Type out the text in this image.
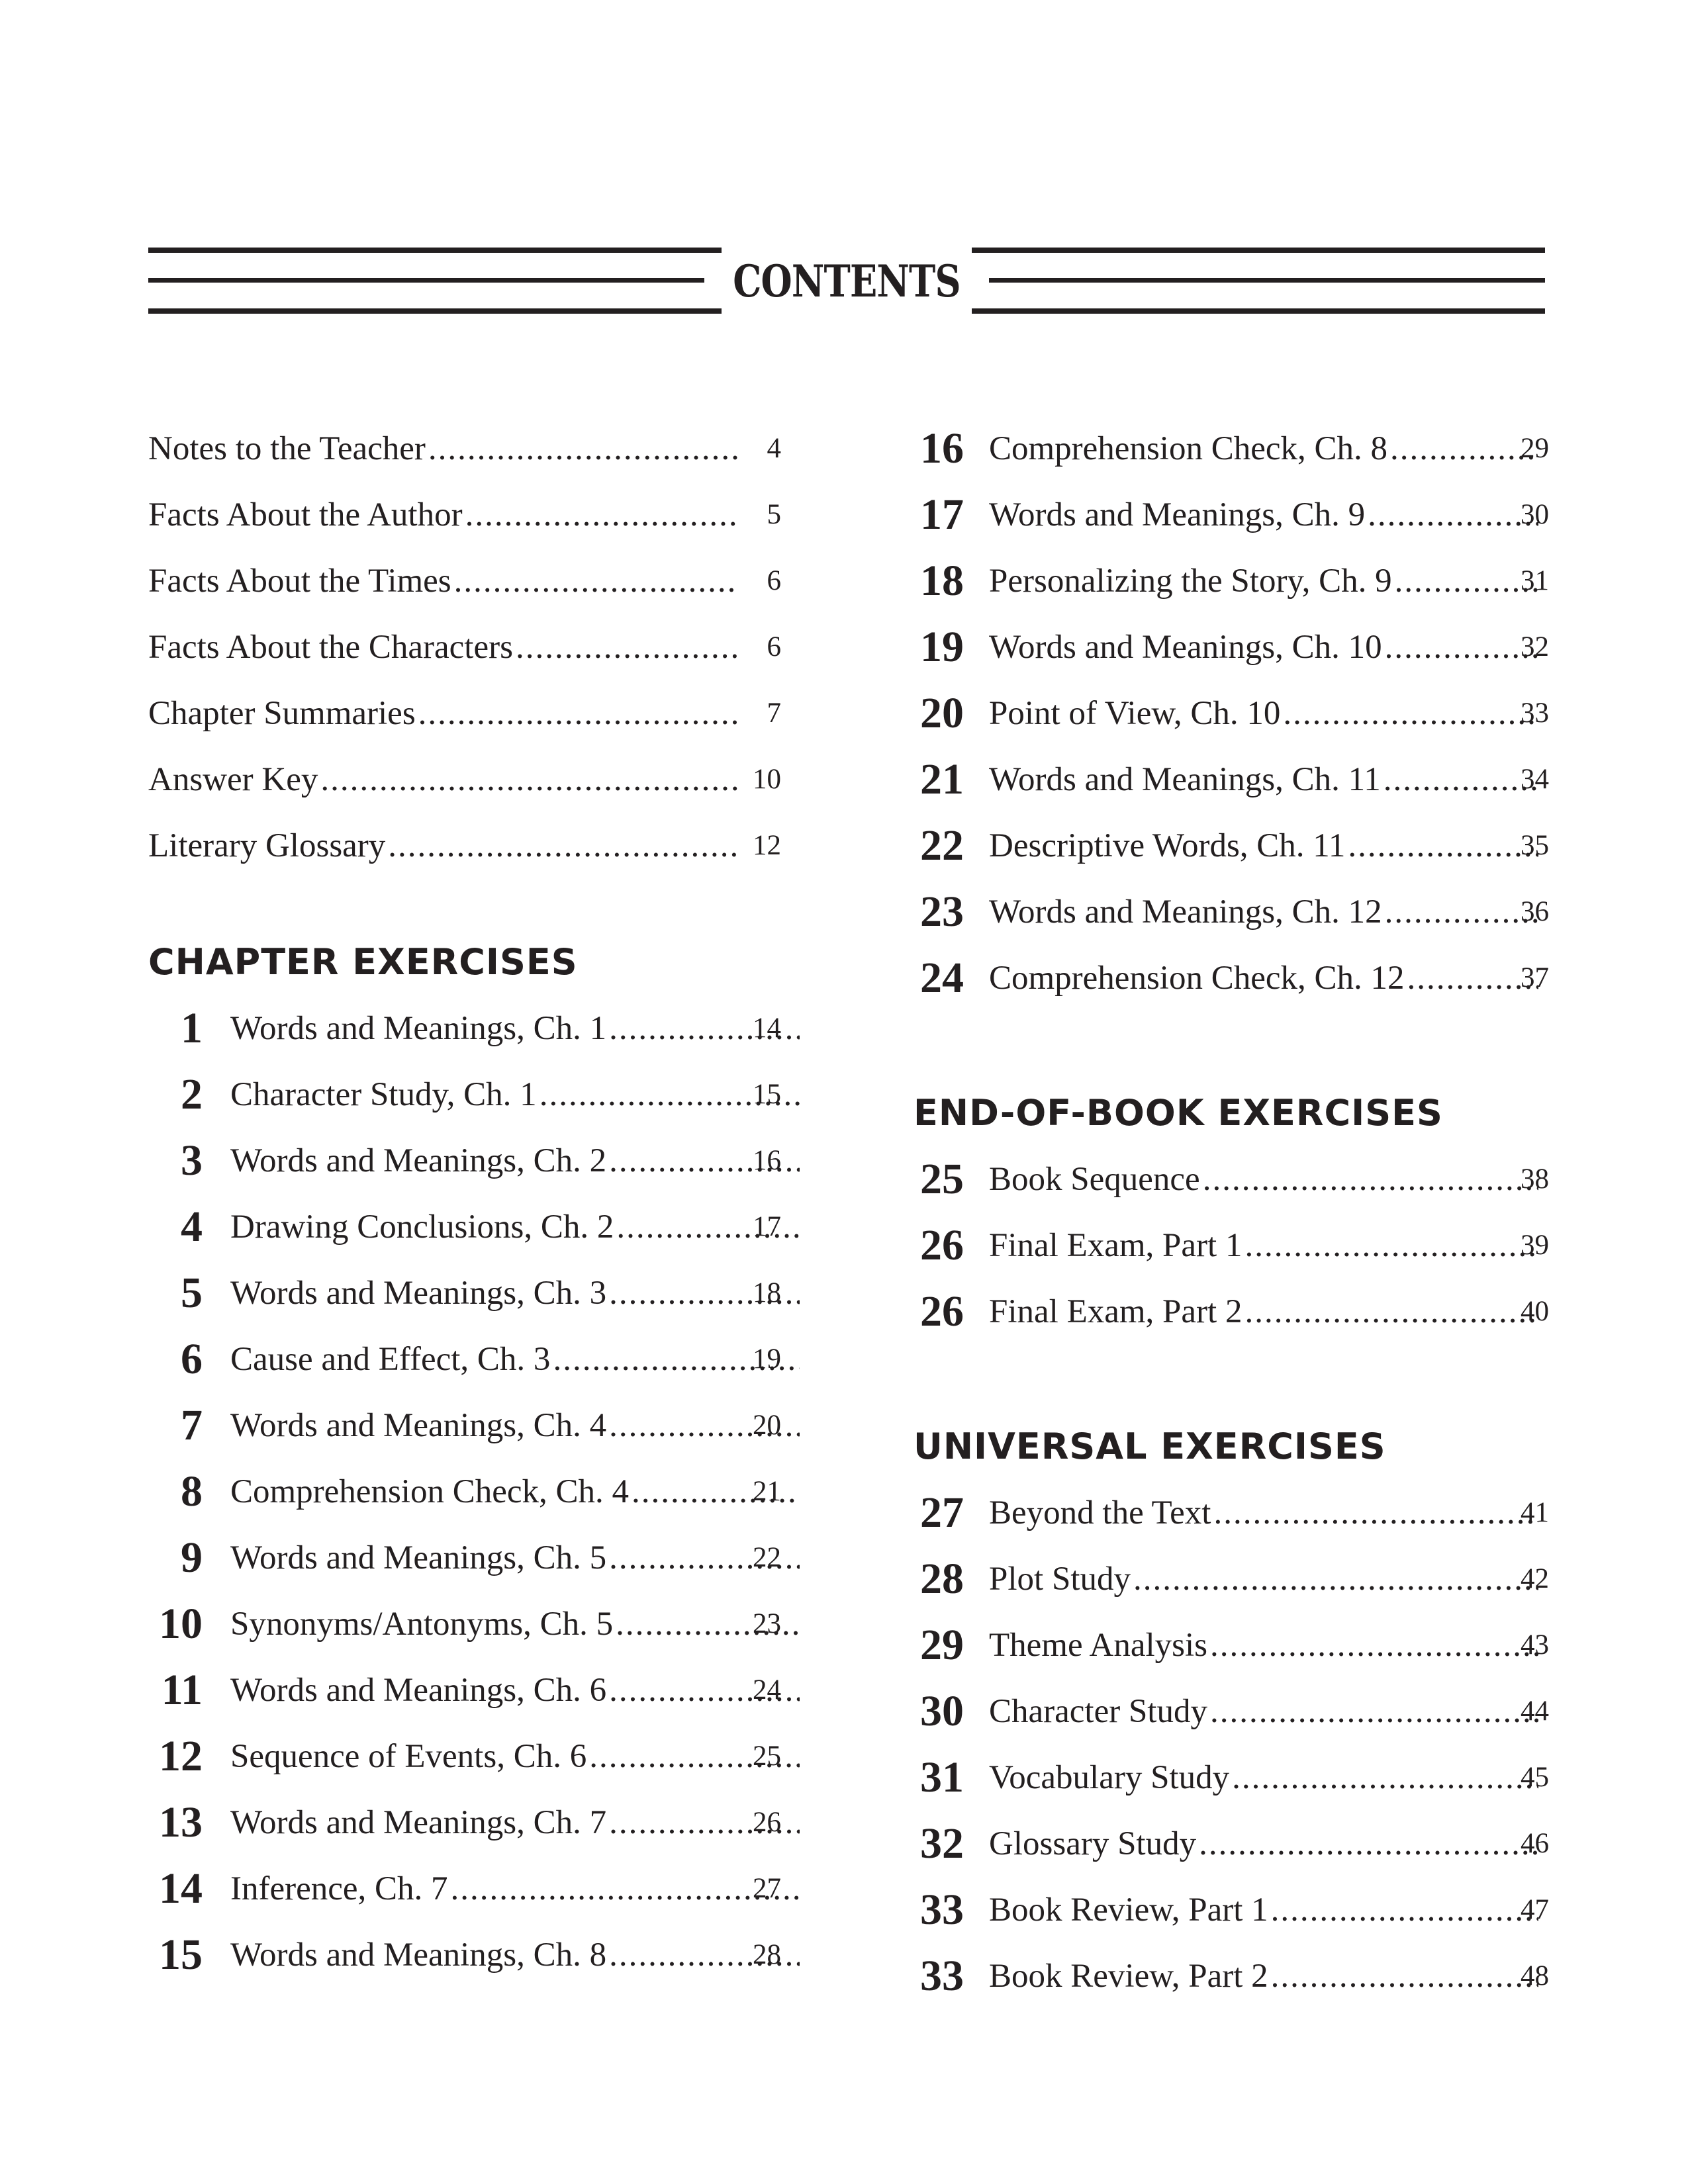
CONTENTS
Notes to the Teacher .....	4
Facts About the Author .....	5
Facts About the Times .....	6
Facts About the Characters .....	6
Chapter Summaries .....	7
Answer Key .....	10
Literary Glossary .....	12
CHAPTER EXERCISES
1 Words and Meanings, Ch. 1 .....	14
2 Character Study, Ch. 1 .....	15
3 Words and Meanings, Ch. 2 .....	16
4 Drawing Conclusions, Ch. 2 .....	17
5 Words and Meanings, Ch. 3 .....	18
6 Cause and Effect, Ch. 3 .....	19
7 Words and Meanings, Ch. 4 .....	20
8 Comprehension Check, Ch. 4 .....	21
9 Words and Meanings, Ch. 5 .....	22
10 Synonyms/Antonyms, Ch. 5 .....	23
11 Words and Meanings, Ch. 6 .....	24
12 Sequence of Events, Ch. 6 .....	25
13 Words and Meanings, Ch. 7 .....	26
14 Inference, Ch. 7 .....	27
15 Words and Meanings, Ch. 8 .....	28
16 Comprehension Check, Ch. 8 .....	29
17 Words and Meanings, Ch. 9 .....	30
18 Personalizing the Story, Ch. 9 .....	31
19 Words and Meanings, Ch. 10 .....	32
20 Point of View, Ch. 10 .....	33
21 Words and Meanings, Ch. 11 .....	34
22 Descriptive Words, Ch. 11 .....	35
23 Words and Meanings, Ch. 12 .....	36
24 Comprehension Check, Ch. 12 .....	37
END-OF-BOOK EXERCISES
25 Book Sequence .....	38
26 Final Exam, Part 1 .....	39
26 Final Exam, Part 2 .....	40
UNIVERSAL EXERCISES
27 Beyond the Text .....	41
28 Plot Study .....	42
29 Theme Analysis .....	43
30 Character Study .....	44
31 Vocabulary Study .....	45
32 Glossary Study .....	46
33 Book Review, Part 1 .....	47
33 Book Review, Part 2 .....	48
